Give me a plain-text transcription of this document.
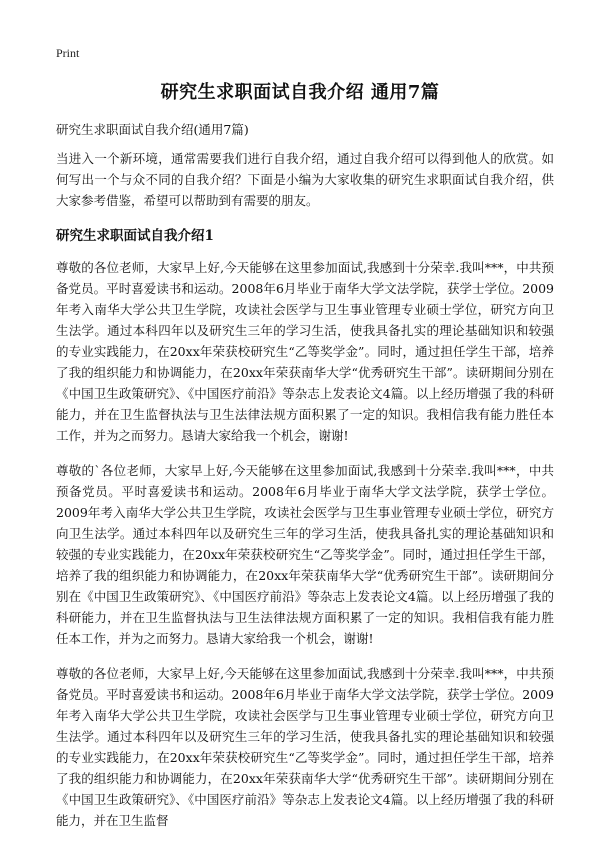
Print
研究生求职面试自我介绍 通用7篇

研究生求职面试自我介绍(通用7篇)

当进入一个新环境，通常需要我们进行自我介绍，通过自我介绍可以得到他人的欣赏。如何写出一个与众不同的自我介绍？下面是小编为大家收集的研究生求职面试自我介绍，供大家参考借鉴，希望可以帮助到有需要的朋友。

研究生求职面试自我介绍1

尊敬的各位老师，大家早上好,今天能够在这里参加面试,我感到十分荣幸.我叫***，中共预备党员。平时喜爱读书和运动。2008年6月毕业于南华大学文法学院，获学士学位。2009年考入南华大学公共卫生学院，攻读社会医学与卫生事业管理专业硕士学位，研究方向卫生法学。通过本科四年以及研究生三年的学习生活，使我具备扎实的理论基础知识和较强的专业实践能力，在20xx年荣获校研究生“乙等奖学金”。同时，通过担任学生干部，培养了我的组织能力和协调能力，在20xx年荣获南华大学“优秀研究生干部”。读研期间分别在《中国卫生政策研究》、《中国医疗前沿》等杂志上发表论文4篇。以上经历增强了我的科研能力，并在卫生监督执法与卫生法律法规方面积累了一定的知识。我相信我有能力胜任本工作，并为之而努力。恳请大家给我一个机会，谢谢!

尊敬的`各位老师，大家早上好,今天能够在这里参加面试,我感到十分荣幸.我叫***，中共预备党员。平时喜爱读书和运动。2008年6月毕业于南华大学文法学院，获学士学位。2009年考入南华大学公共卫生学院，攻读社会医学与卫生事业管理专业硕士学位，研究方向卫生法学。通过本科四年以及研究生三年的学习生活，使我具备扎实的理论基础知识和较强的专业实践能力，在20xx年荣获校研究生“乙等奖学金”。同时，通过担任学生干部，培养了我的组织能力和协调能力，在20xx年荣获南华大学“优秀研究生干部”。读研期间分别在《中国卫生政策研究》、《中国医疗前沿》等杂志上发表论文4篇。以上经历增强了我的科研能力，并在卫生监督执法与卫生法律法规方面积累了一定的知识。我相信我有能力胜任本工作，并为之而努力。恳请大家给我一个机会，谢谢!

尊敬的各位老师，大家早上好,今天能够在这里参加面试,我感到十分荣幸.我叫***，中共预备党员。平时喜爱读书和运动。2008年6月毕业于南华大学文法学院，获学士学位。2009年考入南华大学公共卫生学院，攻读社会医学与卫生事业管理专业硕士学位，研究方向卫生法学。通过本科四年以及研究生三年的学习生活，使我具备扎实的理论基础知识和较强的专业实践能力，在20xx年荣获校研究生“乙等奖学金”。同时，通过担任学生干部，培养了我的组织能力和协调能力，在20xx年荣获南华大学“优秀研究生干部”。读研期间分别在《中国卫生政策研究》、《中国医疗前沿》等杂志上发表论文4篇。以上经历增强了我的科研能力，并在卫生监督
